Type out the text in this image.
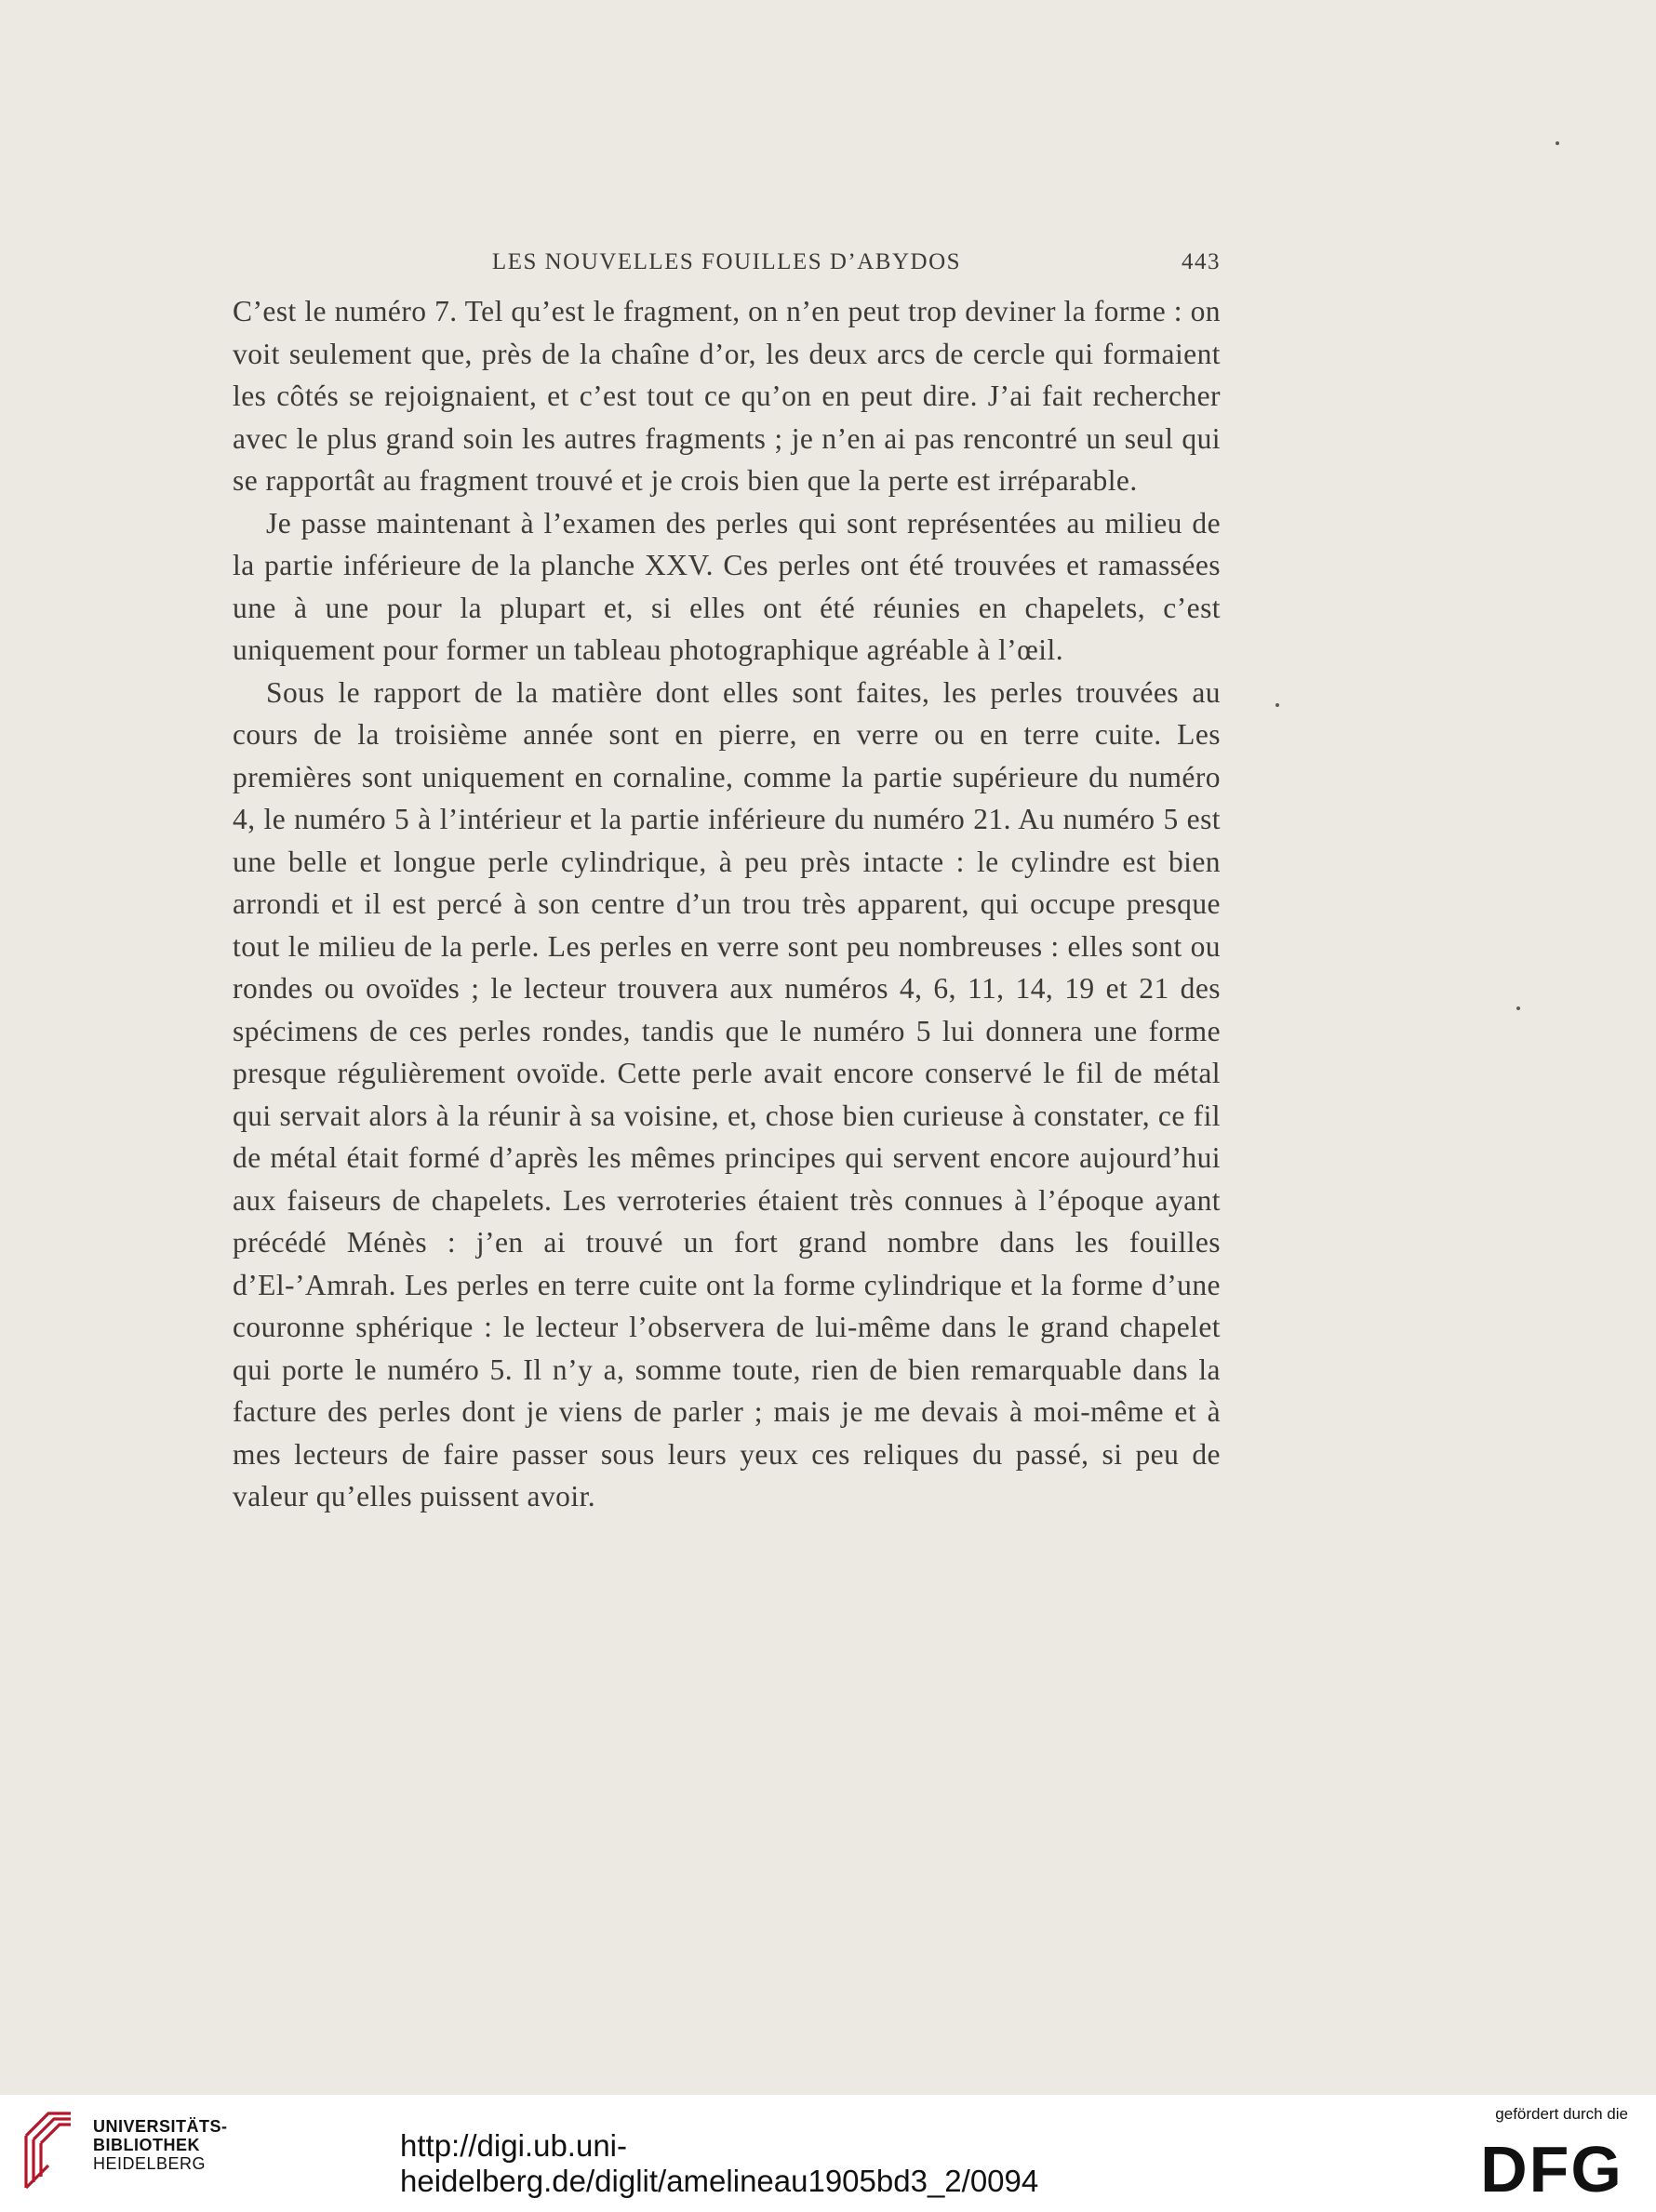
LES NOUVELLES FOUILLES D’ABYDOS	443

C’est le numéro 7. Tel qu’est le fragment, on n’en peut trop deviner la forme : on voit seulement que, près de la chaîne d’or, les deux arcs de cercle qui formaient les côtés se rejoignaient, et c’est tout ce qu’on en peut dire. J’ai fait rechercher avec le plus grand soin les autres fragments ; je n’en ai pas rencontré un seul qui se rapportât au fragment trouvé et je crois bien que la perte est irréparable.

Je passe maintenant à l’examen des perles qui sont représentées au milieu de la partie inférieure de la planche XXV. Ces perles ont été trouvées et ramassées une à une pour la plupart et, si elles ont été réunies en chapelets, c’est uniquement pour former un tableau photographique agréable à l’œil.

Sous le rapport de la matière dont elles sont faites, les perles trouvées au cours de la troisième année sont en pierre, en verre ou en terre cuite. Les premières sont uniquement en cornaline, comme la partie supérieure du numéro 4, le numéro 5 à l’intérieur et la partie inférieure du numéro 21. Au numéro 5 est une belle et longue perle cylindrique, à peu près intacte : le cylindre est bien arrondi et il est percé à son centre d’un trou très apparent, qui occupe presque tout le milieu de la perle. Les perles en verre sont peu nombreuses : elles sont ou rondes ou ovoïdes ; le lecteur trouvera aux numéros 4, 6, 11, 14, 19 et 21 des spécimens de ces perles rondes, tandis que le numéro 5 lui donnera une forme presque régulièrement ovoïde. Cette perle avait encore conservé le fil de métal qui servait alors à la réunir à sa voisine, et, chose bien curieuse à constater, ce fil de métal était formé d’après les mêmes principes qui servent encore aujourd’hui aux faiseurs de chapelets. Les verroteries étaient très connues à l’époque ayant précédé Ménès : j’en ai trouvé un fort grand nombre dans les fouilles d’El-’Amrah. Les perles en terre cuite ont la forme cylindrique et la forme d’une couronne sphérique : le lecteur l’observera de lui-même dans le grand chapelet qui porte le numéro 5. Il n’y a, somme toute, rien de bien remarquable dans la facture des perles dont je viens de parler ; mais je me devais à moi-même et à mes lecteurs de faire passer sous leurs yeux ces reliques du passé, si peu de valeur qu’elles puissent avoir.

UNIVERSITÄTS-
BIBLIOTHEK
HEIDELBERG
http://digi.ub.uni-heidelberg.de/diglit/amelineau1905bd3_2/0094
gefördert durch die
DFG
